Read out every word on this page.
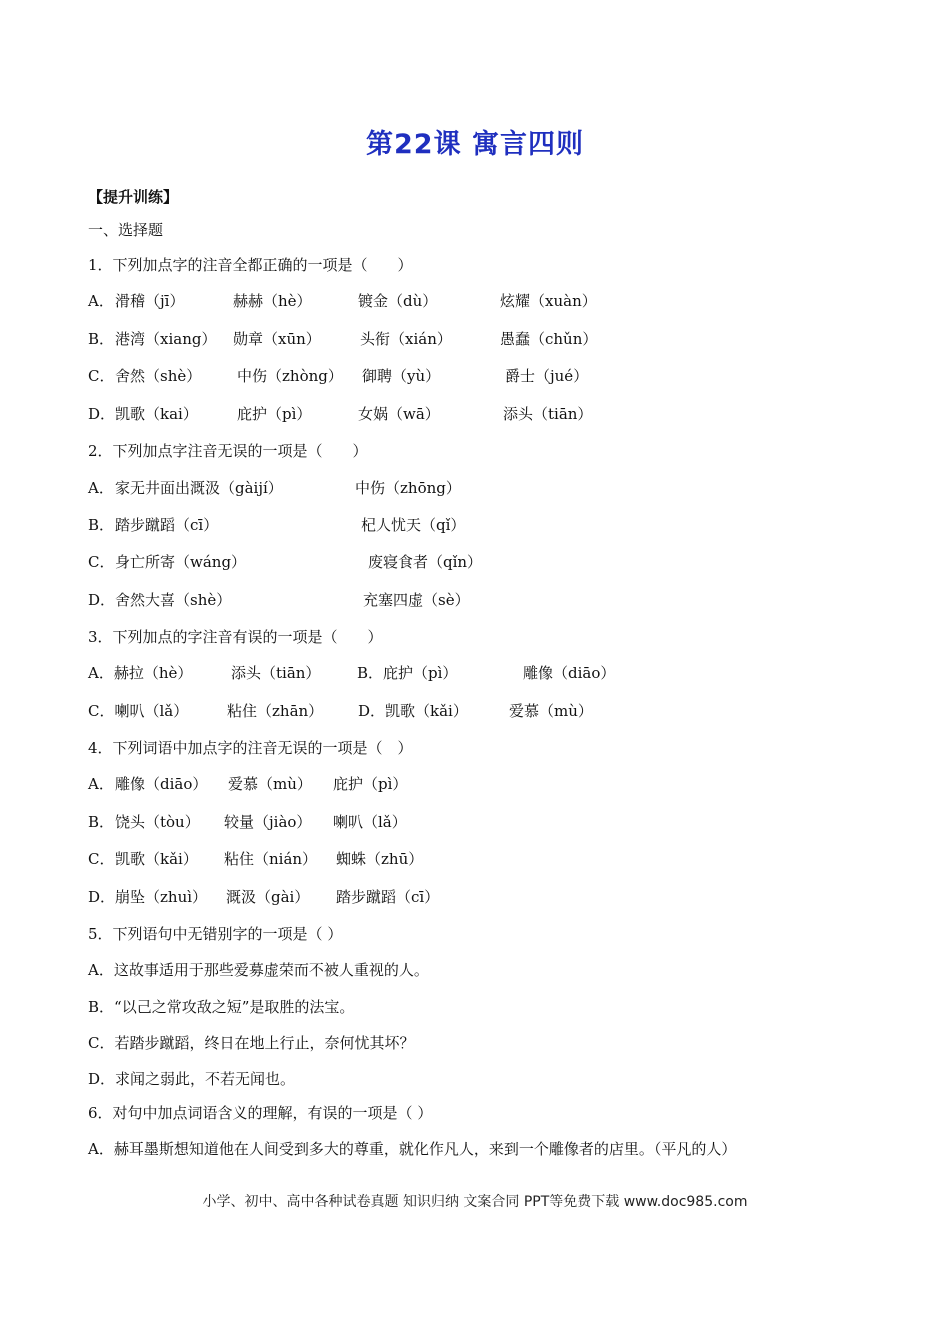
第22课 寓言四则
【提升训练】
一、选择题
1．下列加点字的注音全都正确的一项是（　　）
A． 滑稽（jī）	赫赫（hè）	镀金（dù）	炫耀（xuàn）
B． 港湾（xiang） 勋章（xūn）	头衔（xián）	愚蠢（chǔn）
C． 舍然（shè） 中伤（zhòng） 御聘（yù）	爵士（jué）
D． 凯歌（kai）	庇护（pì）	女娲（wā）	添头（tiān）
2．下列加点字注音无误的一项是（　　）
A． 家无井面出溉汲（gàijí）	中伤（zhōng）
B． 踏步蹴蹈（cī）	杞人忧天（qǐ）
C． 身亡所寄（wáng）	废寝食者（qǐn）
D． 舍然大喜（shè）	充塞四虚（sè）
3．下列加点的字注音有误的一项是（　　）
A．赫拉（hè）	添头（tiān） B．庇护（pì）	雕像（diāo）
C．喇叭（lǎ）	粘住（zhān） D．凯歌（kǎi）	爱慕（mù）
4．下列词语中加点字的注音无误的一项是（　）
A． 雕像（diāo） 爱慕（mù） 庇护（pì）
B． 饶头（tòu） 较量（jiào） 喇叭（lǎ）
C． 凯歌（kǎi） 粘住（nián） 蜘蛛（zhū）
D． 崩坠（zhuì） 溉汲（gài） 踏步蹴蹈（cī）
5．下列语句中无错别字的一项是（ ）
A．这故事适用于那些爱募虚荣而不被人重视的人。
B．“以己之常攻敌之短”是取胜的法宝。
C．若踏步蹴蹈，终日在地上行止，奈何忧其坏？
D．求闻之弱此，不若无闻也。
6．对句中加点词语含义的理解，有误的一项是（ ）
A．赫耳墨斯想知道他在人间受到多大的尊重，就化作凡人，来到一个雕像者的店里。（平凡的人）
小学、初中、高中各种试卷真题 知识归纳 文案合同 PPT等免费下载 www.doc985.com
